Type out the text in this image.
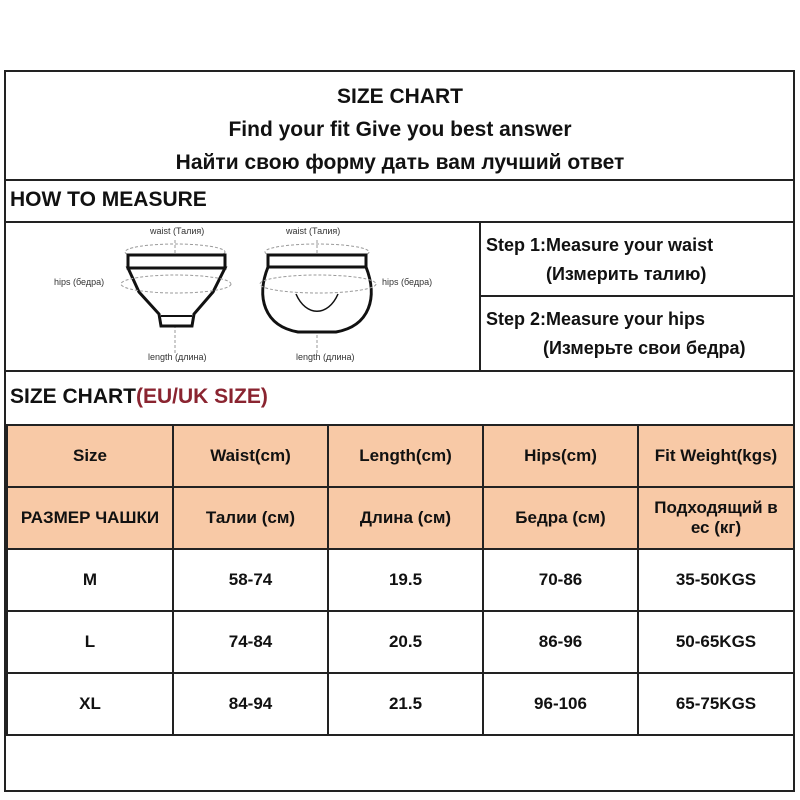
SIZE CHART
Find your fit Give you best answer
Найти свою форму дать вам лучший ответ
HOW TO MEASURE
waist (Талия)
hips (бедра)
length (длина)
waist (Талия)
hips (бедра)
length (длина)
Step 1:Measure your waist
(Измерить талию)
Step 2:Measure your hips
(Измерьте свои бедра)
SIZE CHART(EU/UK SIZE)
Size	Waist(cm)	Length(cm)	Hips(cm)	Fit Weight(kgs)
РАЗМЕР ЧАШКИ	Талии (см)	Длина (см)	Бедра (см)	Подходящий в ес (кг)
M	58-74	19.5	70-86	35-50KGS
L	74-84	20.5	86-96	50-65KGS
XL	84-94	21.5	96-106	65-75KGS
